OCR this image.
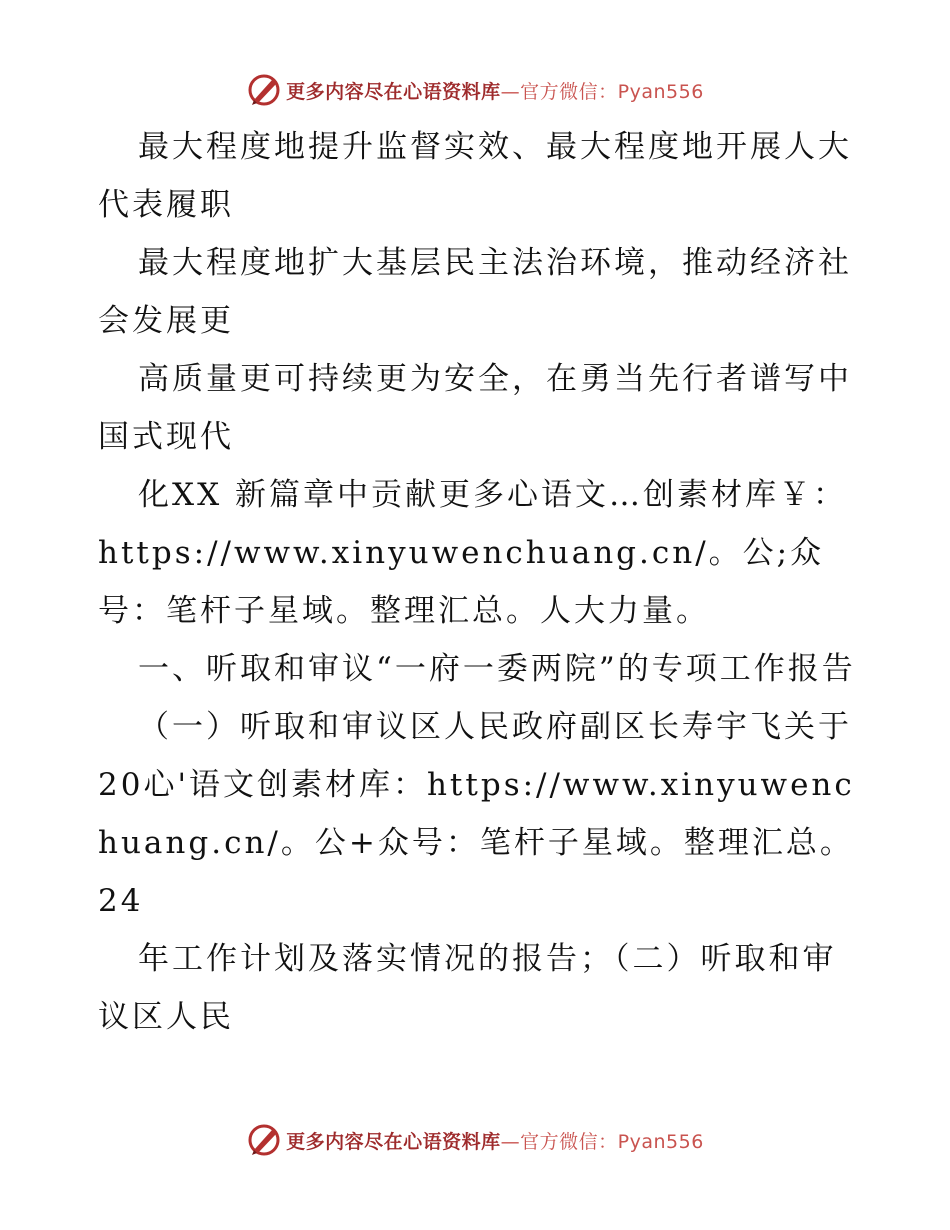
更多内容尽在心语资料库—官方微信：Pyan556

最大程度地提升监督实效、最大程度地开展人大代表履职

最大程度地扩大基层民主法治环境，推动经济社会发展更

高质量更可持续更为安全，在勇当先行者谱写中国式现代

化XX 新篇章中贡献更多心语文…创素材库￥：https://www.xinyuwenchuang.cn/。公;众号：笔杆子星域。整理汇总。人大力量。

一、听取和审议“一府一委两院”的专项工作报告

（一）听取和审议区人民政府副区长寿宇飞关于20心'语文创素材库：https://www.xinyuwenchuang.cn/。公+众号：笔杆子星域。整理汇总。24

年工作计划及落实情况的报告；（二）听取和审议区人民

更多内容尽在心语资料库—官方微信：Pyan556
